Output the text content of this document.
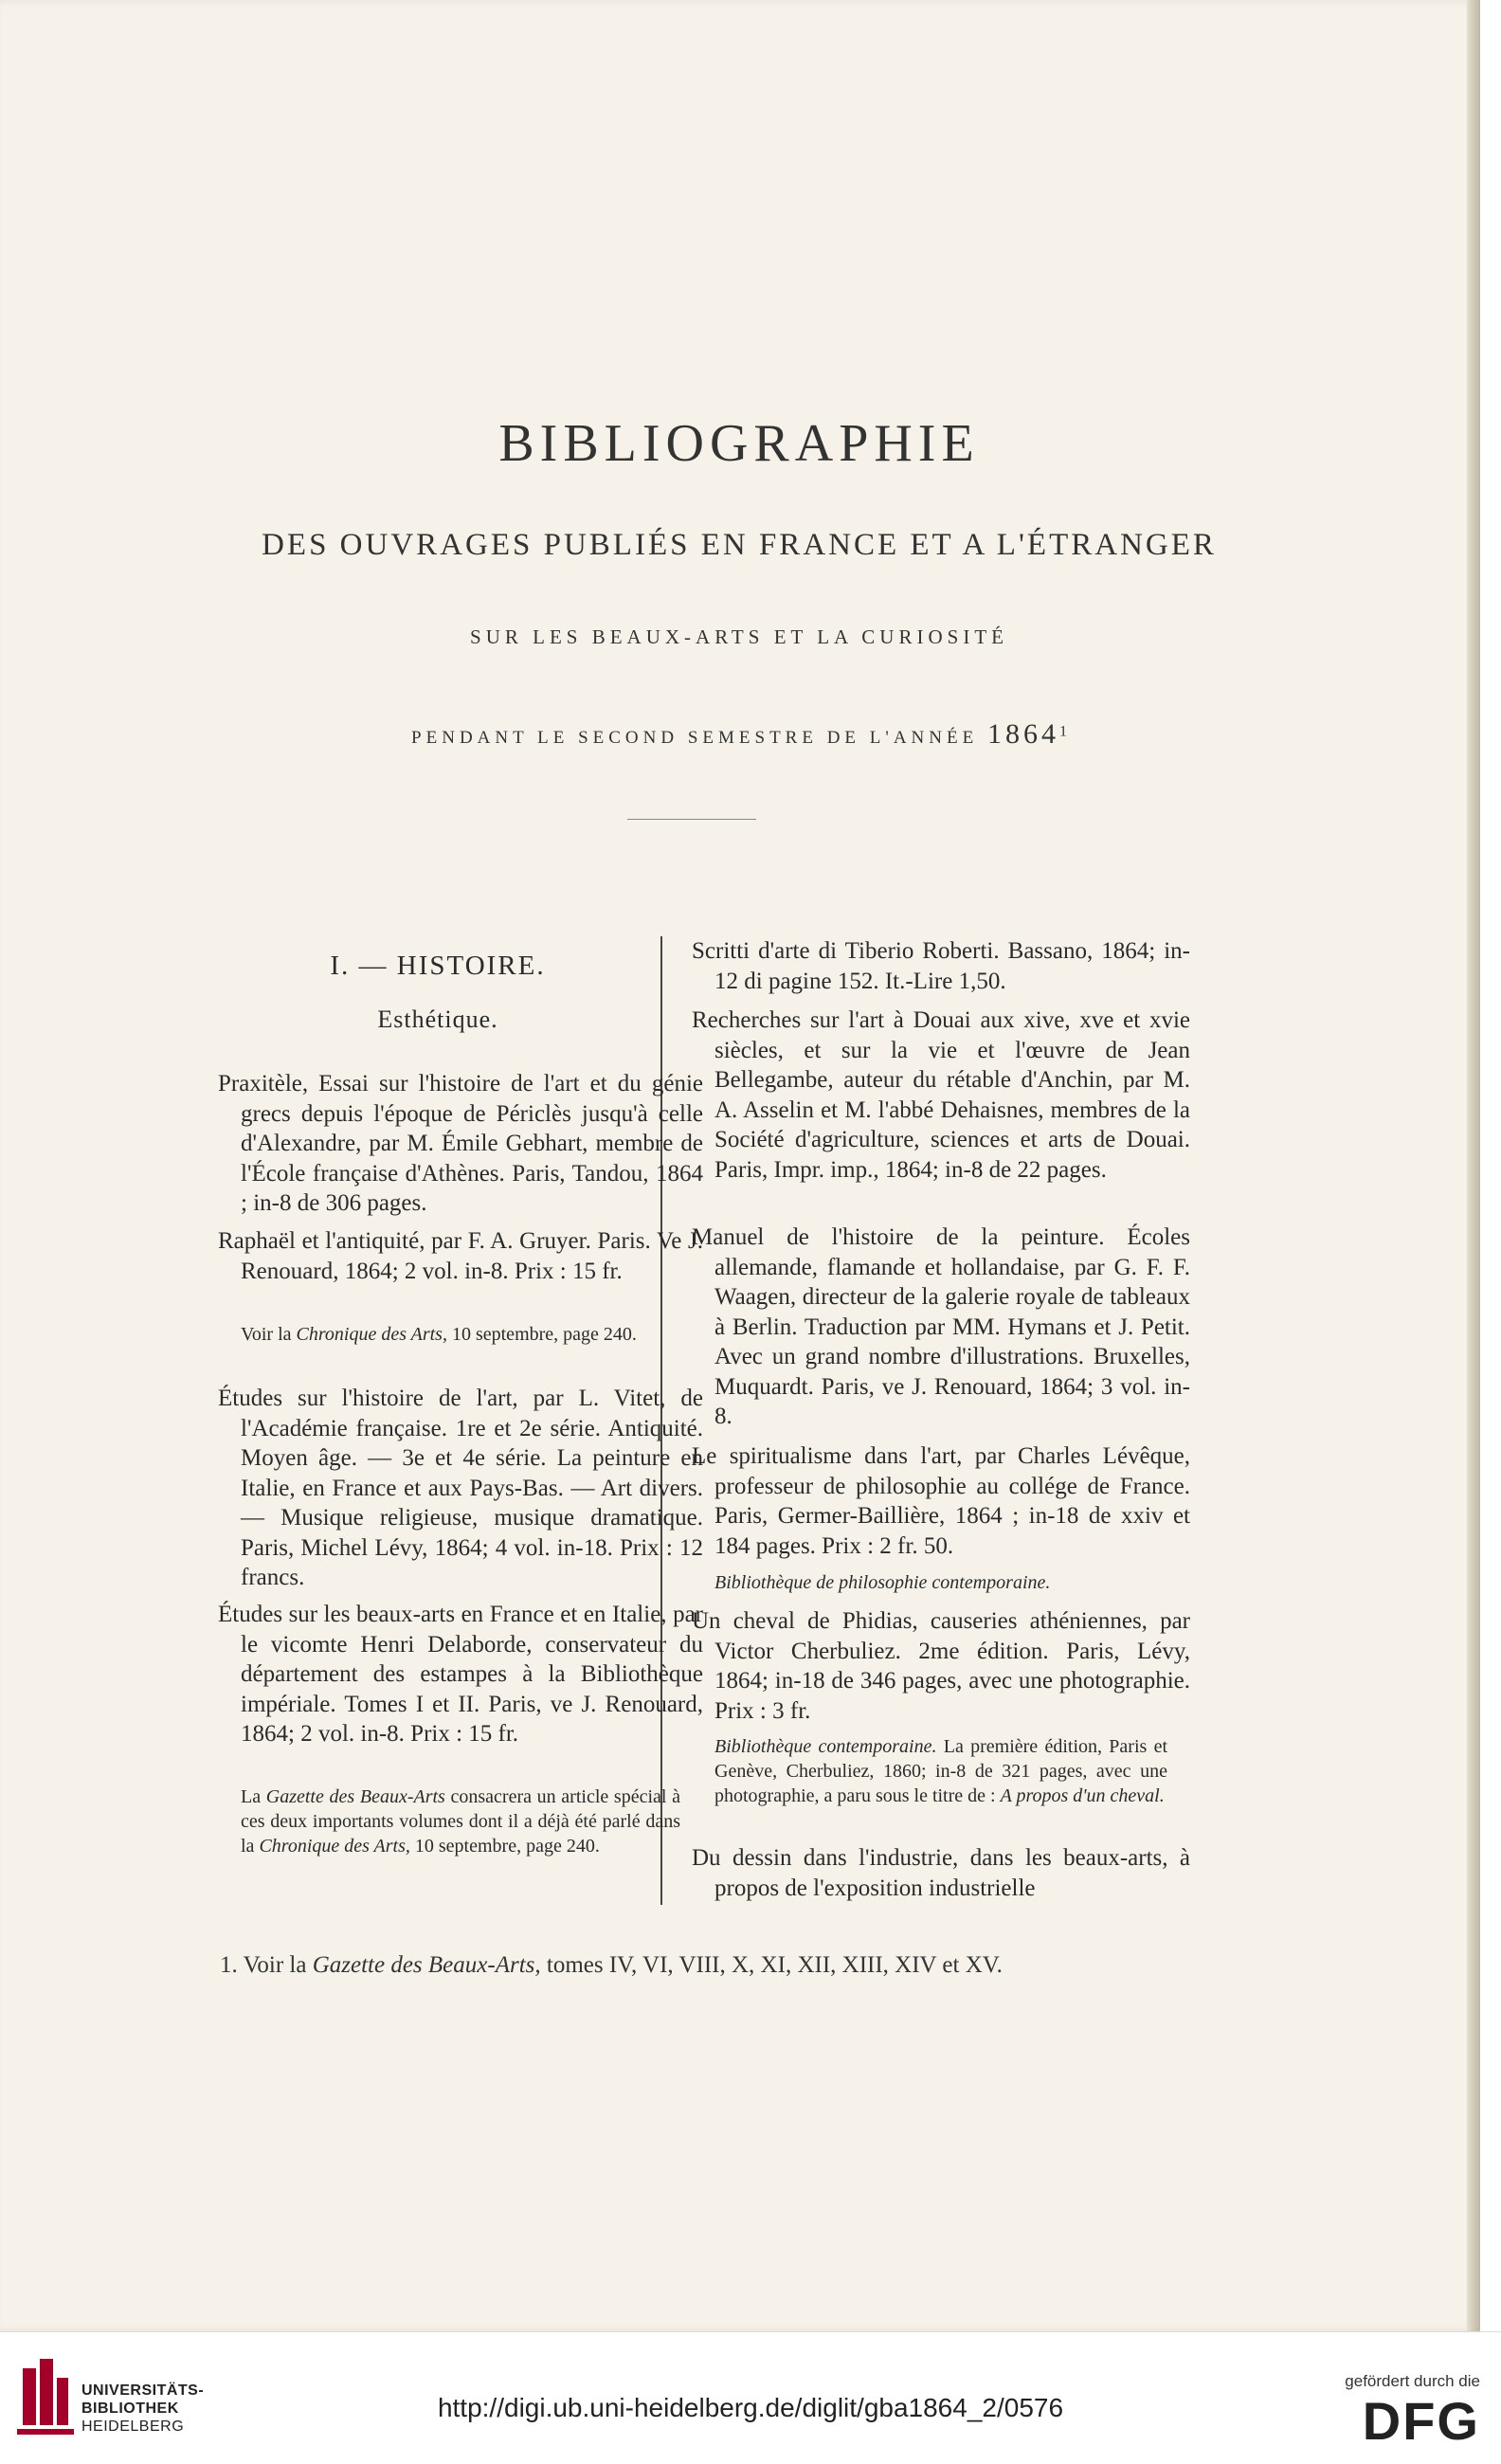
BIBLIOGRAPHIE
DES OUVRAGES PUBLIÉS EN FRANCE ET A L'ÉTRANGER
SUR LES BEAUX-ARTS ET LA CURIOSITÉ
PENDANT LE SECOND SEMESTRE DE L'ANNÉE 1864$^1$
I. — HISTOIRE.
Esthétique.
Praxitèle, Essai sur l'histoire de l'art et du génie grecs depuis l'époque de Périclès jusqu'à celle d'Alexandre, par M. Émile Gebhart, membre de l'École française d'Athènes. Paris, Tandou, 1864 ; in-8 de 306 pages.
Raphaël et l'antiquité, par F. A. Gruyer. Paris. Ve J. Renouard, 1864; 2 vol. in-8. Prix : 15 fr.
Voir la Chronique des Arts, 10 septembre, page 240.
Études sur l'histoire de l'art, par L. Vitet, de l'Académie française. 1re et 2e série. Antiquité. Moyen âge. — 3e et 4e série. La peinture en Italie, en France et aux Pays-Bas. — Art divers. — Musique religieuse, musique dramatique. Paris, Michel Lévy, 1864; 4 vol. in-18. Prix : 12 francs.
Études sur les beaux-arts en France et en Italie, par le vicomte Henri Delaborde, conservateur du département des estampes à la Bibliothèque impériale. Tomes I et II. Paris, ve J. Renouard, 1864; 2 vol. in-8. Prix : 15 fr.
La Gazette des Beaux-Arts consacrera un article spécial à ces deux importants volumes dont il a déjà été parlé dans la Chronique des Arts, 10 septembre, page 240.
Scritti d'arte di Tiberio Roberti. Bassano, 1864; in-12 di pagine 152. It.-Lire 1,50.
Recherches sur l'art à Douai aux xive, xve et xvie siècles, et sur la vie et l'œuvre de Jean Bellegambe, auteur du rétable d'Anchin, par M. A. Asselin et M. l'abbé Dehaisnes, membres de la Société d'agriculture, sciences et arts de Douai. Paris, Impr. imp., 1864; in-8 de 22 pages.
Manuel de l'histoire de la peinture. Écoles allemande, flamande et hollandaise, par G. F. F. Waagen, directeur de la galerie royale de tableaux à Berlin. Traduction par MM. Hymans et J. Petit. Avec un grand nombre d'illustrations. Bruxelles, Muquardt. Paris, ve J. Renouard, 1864; 3 vol. in-8.
Le spiritualisme dans l'art, par Charles Lévêque, professeur de philosophie au collége de France. Paris, Germer-Baillière, 1864 ; in-18 de xxiv et 184 pages. Prix : 2 fr. 50.
Bibliothèque de philosophie contemporaine.
Un cheval de Phidias, causeries athéniennes, par Victor Cherbuliez. 2me édition. Paris, Lévy, 1864; in-18 de 346 pages, avec une photographie. Prix : 3 fr.
Bibliothèque contemporaine. La première édition, Paris et Genève, Cherbuliez, 1860; in-8 de 321 pages, avec une photographie, a paru sous le titre de : A propos d'un cheval.
Du dessin dans l'industrie, dans les beaux-arts, à propos de l'exposition industrielle
1. Voir la Gazette des Beaux-Arts, tomes IV, VI, VIII, X, XI, XII, XIII, XIV et XV.
UNIVERSITÄTS-
BIBLIOTHEK
HEIDELBERG
http://digi.ub.uni-heidelberg.de/diglit/gba1864_2/0576
gefördert durch die
DFG
